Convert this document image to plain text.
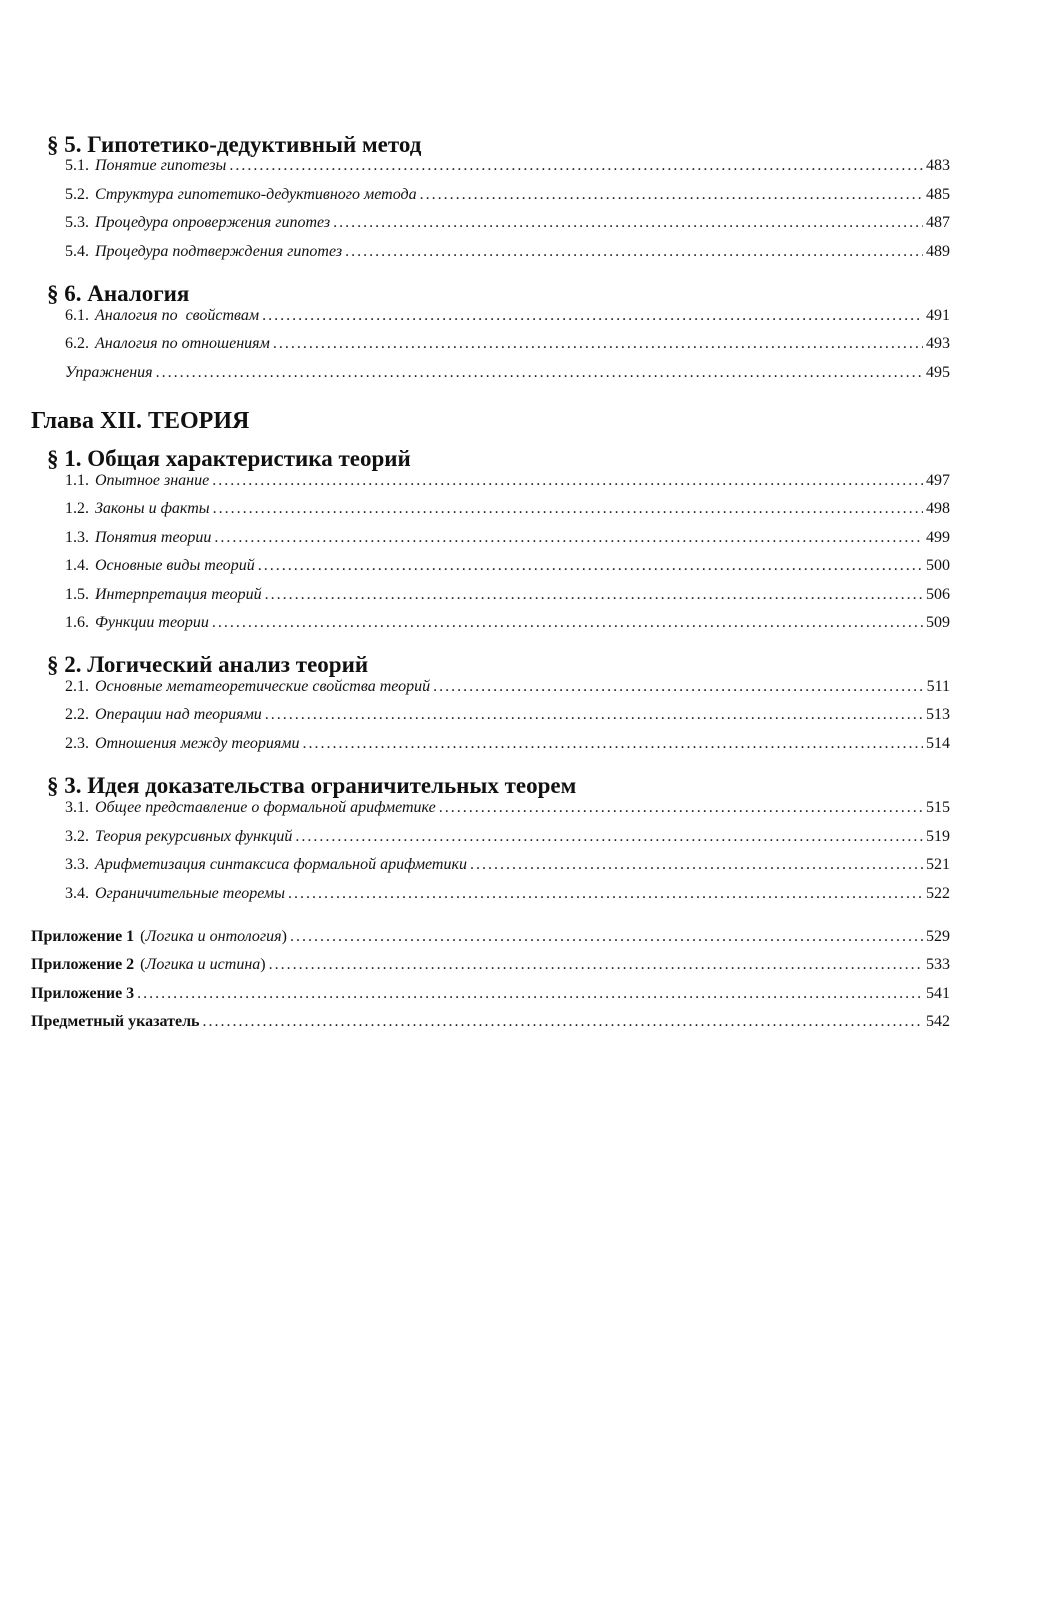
§ 5. Гипотетико-дедуктивный метод
5.1. Понятие гипотезы .....	483
5.2. Структура гипотетико-дедуктивного метода .....	485
5.3. Процедура опровержения гипотез .....	487
5.4. Процедура подтверждения гипотез .....	489
§ 6. Аналогия
6.1. Аналогия по  свойствам .....	491
6.2. Аналогия по отношениям .....	493
Упражнения .....	495
Глава XII. ТЕОРИЯ
§ 1. Общая характеристика теорий
1.1. Опытное знание .....	497
1.2. Законы и факты .....	498
1.3. Понятия теории .....	499
1.4. Основные виды теорий .....	500
1.5. Интерпретация теорий .....	506
1.6. Функции теории .....	509
§ 2. Логический анализ теорий
2.1. Основные метатеоретические свойства теорий .....	511
2.2. Операции над теориями .....	513
2.3. Отношения между теориями .....	514
§ 3. Идея доказательства ограничительных теорем
3.1. Общее представление о формальной арифметике .....	515
3.2. Теория рекурсивных функций .....	519
3.3. Арифметизация синтаксиса формальной арифметики .....	521
3.4. Ограничительные теоремы .....	522
Приложение 1 (Логика и онтология) .....	529
Приложение 2 (Логика и истина) .....	533
Приложение 3 .....	541
Предметный указатель .....	542
